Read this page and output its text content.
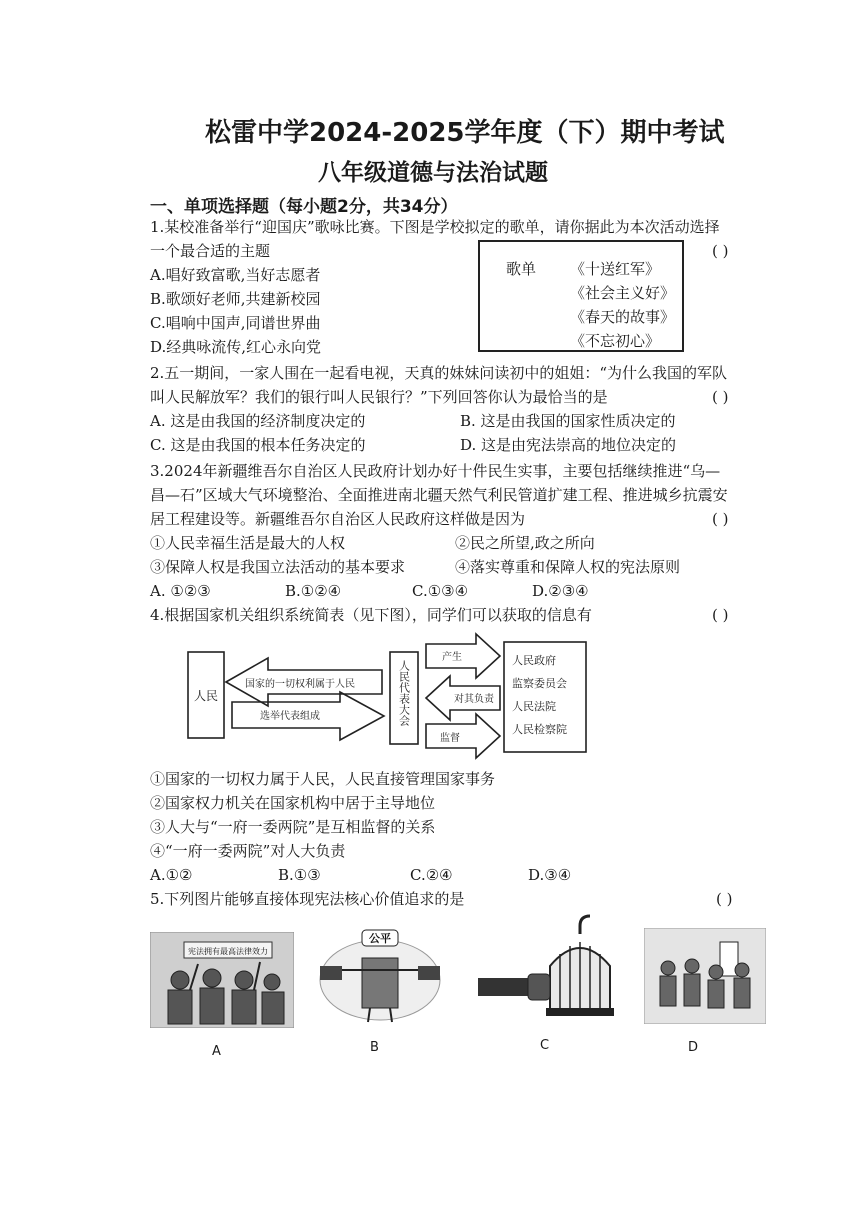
松雷中学2024-2025学年度（下）期中考试
八年级道德与法治试题
一、单项选择题（每小题2分，共34分）
1.某校准备举行“迎国庆”歌咏比赛。下图是学校拟定的歌单，请你据此为本次活动选择
一个最合适的主题	( )
A.唱好致富歌,当好志愿者
B.歌颂好老师,共建新校园
C.唱响中国声,同谱世界曲
D.经典咏流传,红心永向党
歌单 《十送红军》
《社会主义好》
《春天的故事》
《不忘初心》
2.五一期间，一家人围在一起看电视，天真的妹妹问读初中的姐姐：“为什么我国的军队
叫人民解放军？我们的银行叫人民银行？”下列回答你认为最恰当的是	( )
A. 这是由我国的经济制度决定的	B. 这是由我国的国家性质决定的
C. 这是由我国的根本任务决定的	D. 这是由宪法崇高的地位决定的
3.2024年新疆维吾尔自治区人民政府计划办好十件民生实事，主要包括继续推进“乌—
昌—石”区域大气环境整治、全面推进南北疆天然气利民管道扩建工程、推进城乡抗震安
居工程建设等。新疆维吾尔自治区人民政府这样做是因为	( )
①人民幸福生活是最大的人权	②民之所望,政之所向
③保障人权是我国立法活动的基本要求	④落实尊重和保障人权的宪法原则
A. ①②③	B.①②④	C.①③④	D.②③④
4.根据国家机关组织系统简表（见下图），同学们可以获取的信息有	( )
人民
国家的一切权利属于人民
选举代表组成	人民代表大会
产生
对其负责
监督
人民政府
监察委员会
人民法院
人民检察院
①国家的一切权力属于人民，人民直接管理国家事务
②国家权力机关在国家机构中居于主导地位
③人大与“一府一委两院”是互相监督的关系
④“一府一委两院”对人大负责
A.①②	B.①③	C.②④	D.③④
5.下列图片能够直接体现宪法核心价值追求的是	( )
宪法拥有最高法律效力
A
公平
B	C	D
